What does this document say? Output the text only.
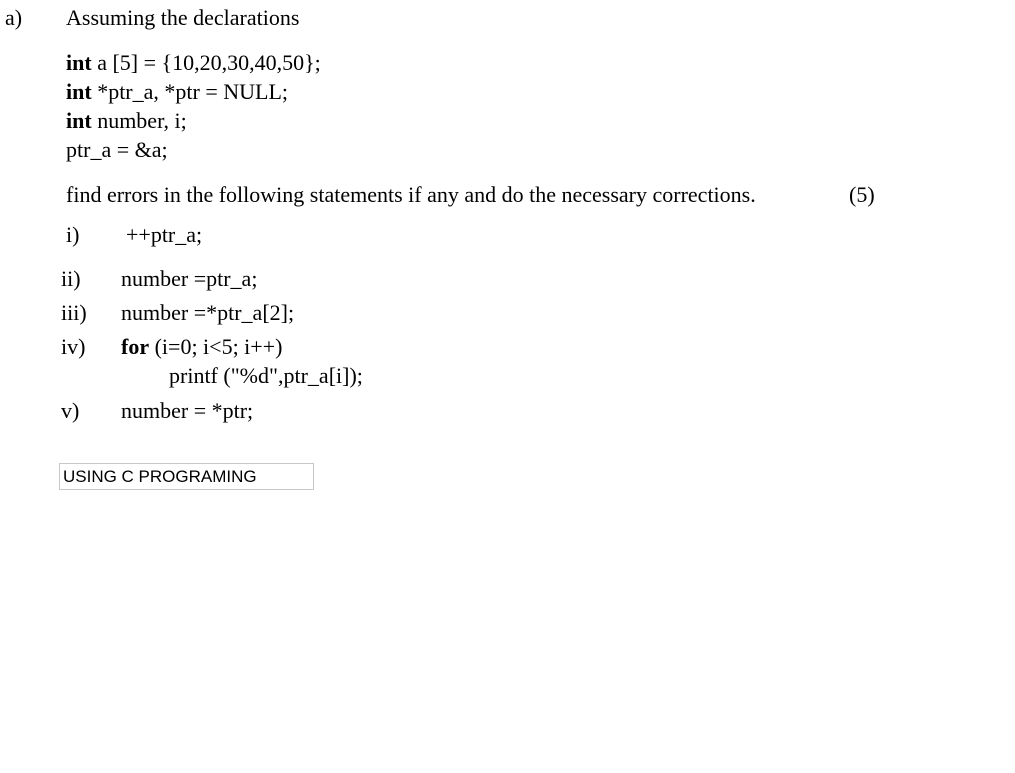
a) Assuming the declarations
int a [5] = {10,20,30,40,50};
int *ptr_a, *ptr = NULL;
int number, i;
ptr_a = &a;
find errors in the following statements if any and do the necessary corrections.	(5)
i) ++ptr_a;
ii) number =ptr_a;
iii) number =*ptr_a[2];
iv) for (i=0; i<5; i++)
printf ("%d",ptr_a[i]);
v) number = *ptr;
USING C PROGRAMING
